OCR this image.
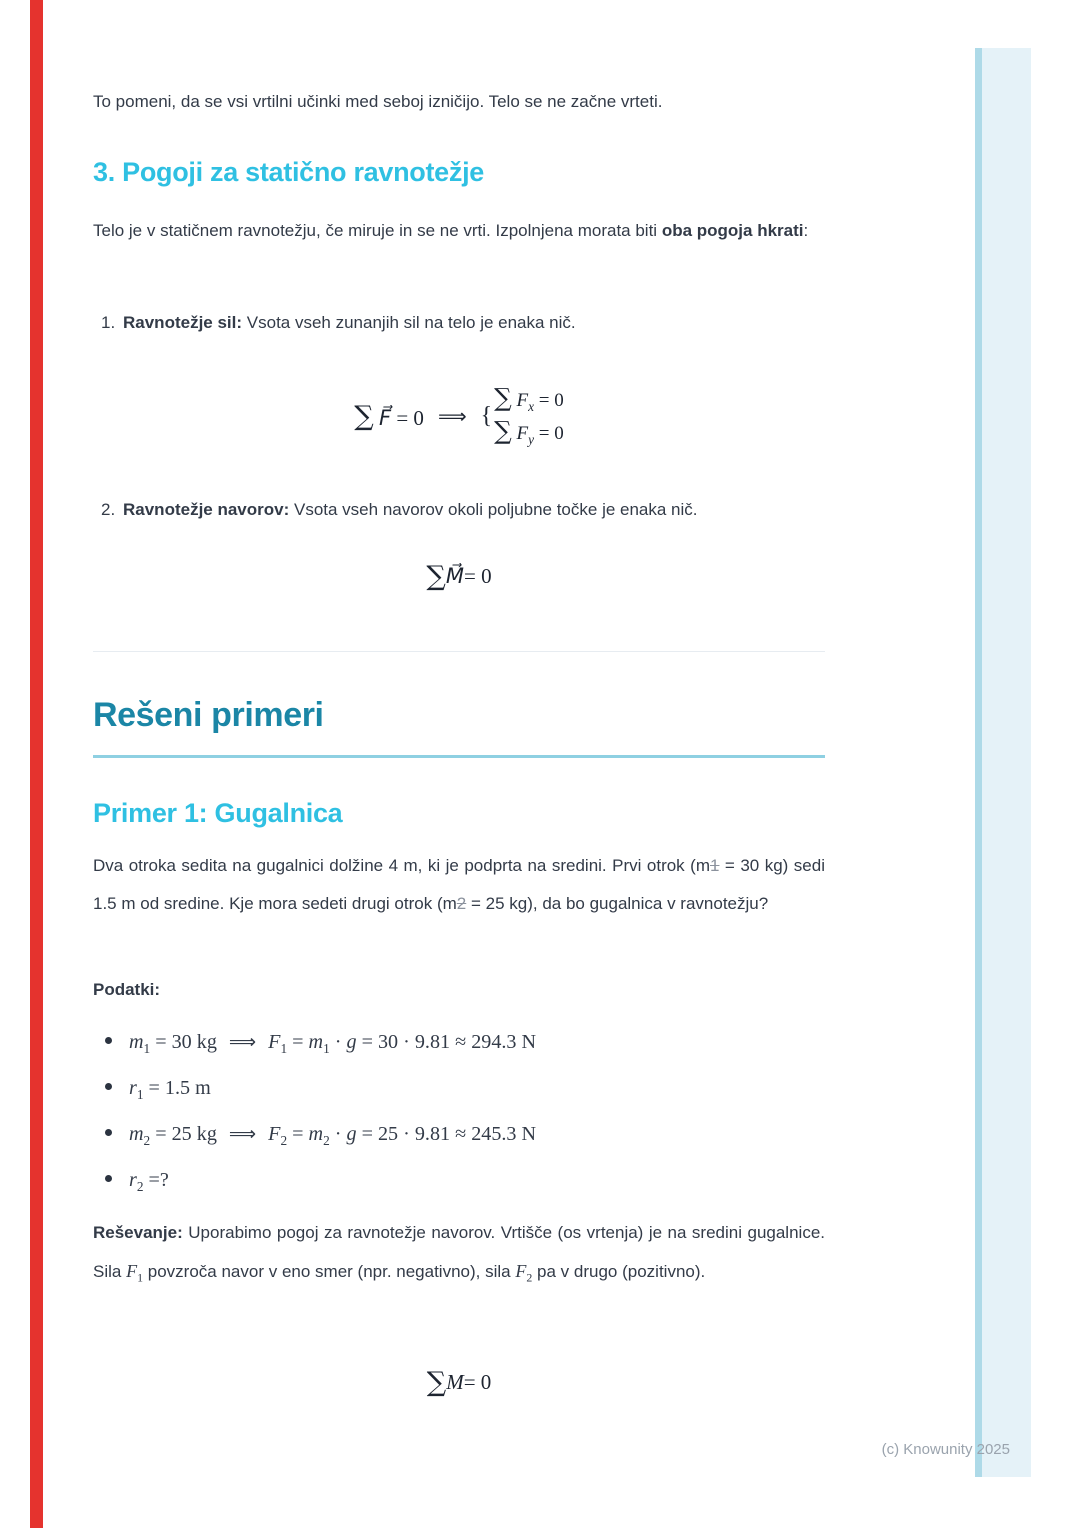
To pomeni, da se vsi vrtilni učinki med seboj izničijo. Telo se ne začne vrteti.

3. Pogoji za statično ravnotežje

Telo je v statičnem ravnotežju, če miruje in se ne vrti. Izpolnjena morata biti oba pogoja hkrati:

1. Ravnotežje sil: Vsota vseh zunanjih sil na telo je enaka nič.
∑ F⃗ = 0 ⟹ {
∑ $F_x = 0$
∑ $F_y = 0$
2. Ravnotežje navorov: Vsota vseh navorov okoli poljubne točke je enaka nič.
∑ M⃗ = 0
Rešeni primeri
Primer 1: Gugalnica

Dva otroka sedita na gugalnici dolžine 4 m, ki je podprta na sredini. Prvi otrok (m1 = 30 kg) sedi 1.5 m od sredine. Kje mora sedeti drugi otrok (m2 = 25 kg), da bo gugalnica v ravnotežju?

Podatki:

$m_1 = 30$ kg ⟹ $F_1 = m_1 \cdot g = 30 \cdot 9.81 \approx 294.3$ N
$r_1 = 1.5$ m
$m_2 = 25$ kg ⟹ $F_2 = m_2 \cdot g = 25 \cdot 9.81 \approx 245.3$ N
$r_2$ =?

Reševanje: Uporabimo pogoj za ravnotežje navorov. Vrtišče (os vrtenja) je na sredini gugalnice. Sila $F_1$ povzroča navor v eno smer (npr. negativno), sila $F_2$ pa v drugo (pozitivno).

∑ M = 0
(c) Knowunity 2025
